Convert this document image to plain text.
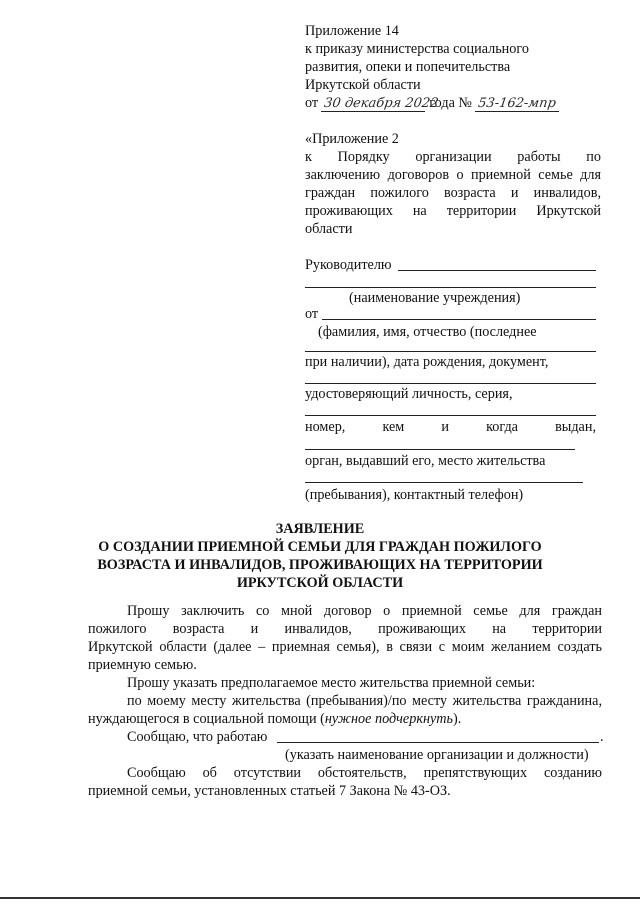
Приложение 14
к приказу министерства социального
развития, опеки и попечительства
Иркутской области
от 30 декабря 2022 года № 53-162-мпр
«Приложение 2
к Порядку организации работы по
заключению договоров о приемной семье для
граждан пожилого возраста и инвалидов,
проживающих на территории Иркутской
области
Руководителю
(наименование учреждения)
от
(фамилия, имя, отчество (последнее
при наличии), дата рождения, документ,
удостоверяющий личность, серия,
номер, кем и когда выдан,
орган, выдавший его, место жительства
(пребывания), контактный телефон)
ЗАЯВЛЕНИЕ
О СОЗДАНИИ ПРИЕМНОЙ СЕМЬИ ДЛЯ ГРАЖДАН ПОЖИЛОГО
ВОЗРАСТА И ИНВАЛИДОВ, ПРОЖИВАЮЩИХ НА ТЕРРИТОРИИ
ИРКУТСКОЙ ОБЛАСТИ
Прошу заключить со мной договор о приемной семье для граждан
пожилого возраста и инвалидов, проживающих на территории
Иркутской области (далее – приемная семья), в связи с моим желанием создать
приемную семью.
Прошу указать предполагаемое место жительства приемной семьи:
по моему месту жительства (пребывания)/по месту жительства гражданина,
нуждающегося в социальной помощи (нужное подчеркнуть).
Сообщаю, что работаю	.
(указать наименование организации и должности)
Сообщаю об отсутствии обстоятельств, препятствующих созданию
приемной семьи, установленных статьей 7 Закона № 43-ОЗ.
